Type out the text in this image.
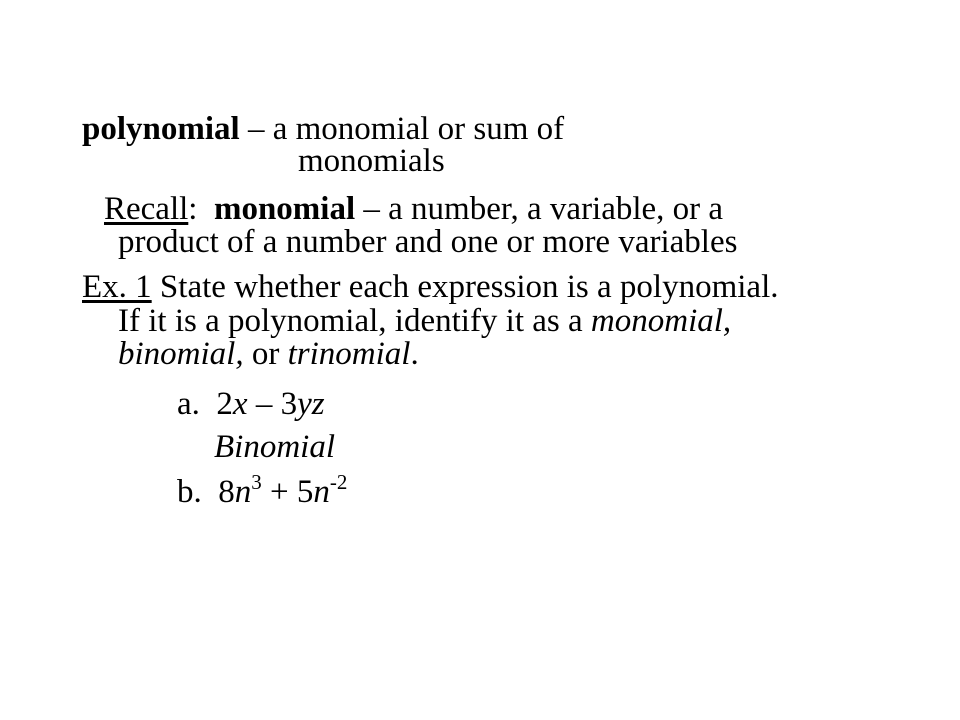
polynomial – a monomial or sum of
monomials
Recall: monomial – a number, a variable, or a
product of a number and one or more variables
Ex. 1 State whether each expression is a polynomial.
If it is a polynomial, identify it as a monomial,
binomial, or trinomial.
a. 2x – 3yz
Binomial
b. $8n^3 + 5n^{-2}$
